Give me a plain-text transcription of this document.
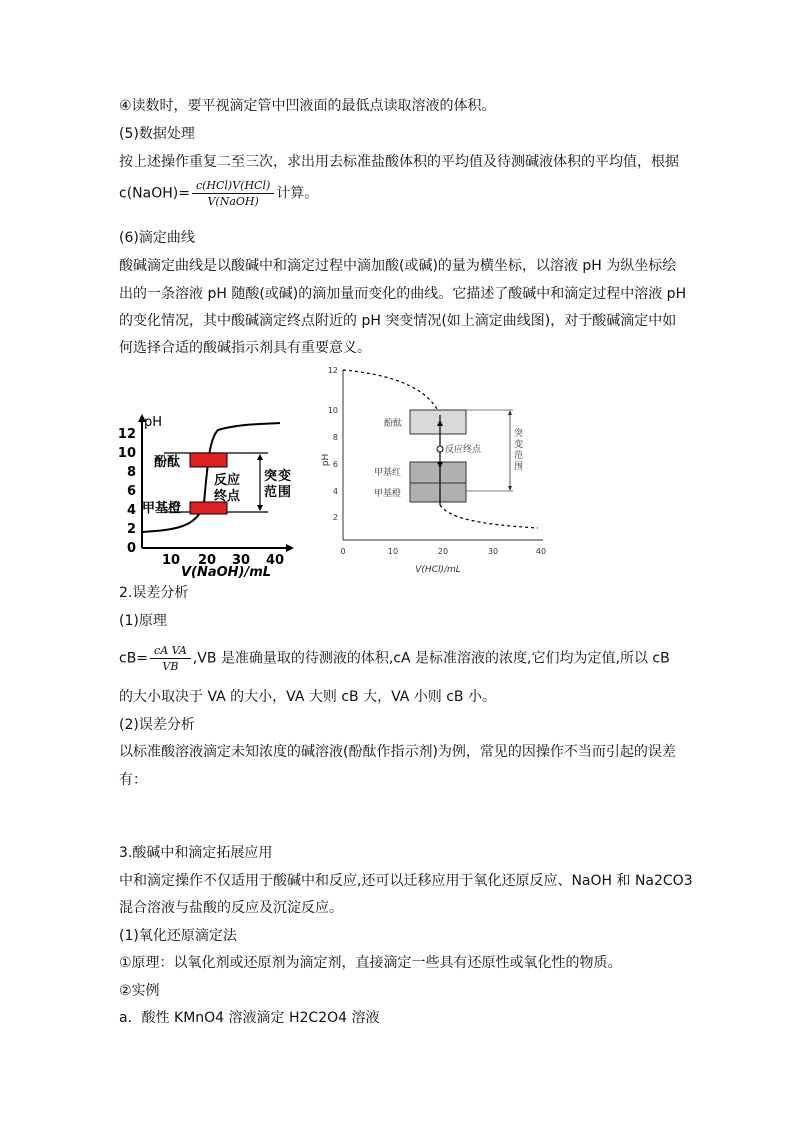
④读数时，要平视滴定管中凹液面的最低点读取溶液的体积。
(5)数据处理
按上述操作重复二至三次，求出用去标准盐酸体积的平均值及待测碱液体积的平均值，根据
c(NaOH)= $\frac{\text{c(HCl)V(HCl)}}{\text{V(NaOH)}}$ 计算。
(6)滴定曲线
酸碱滴定曲线是以酸碱中和滴定过程中滴加酸(或碱)的量为横坐标，以溶液 pH 为纵坐标绘
出的一条溶液 pH 随酸(或碱)的滴加量而变化的曲线。它描述了酸碱中和滴定过程中溶液 pH
的变化情况，其中酸碱滴定终点附近的 pH 突变情况(如上滴定曲线图)，对于酸碱滴定中如
何选择合适的酸碱指示剂具有重要意义。
pH
0
2
4
6
8
10
12
10 20 30 40
V(NaOH)/mL
酚酞
甲基橙
反应
终点
突 变
范 围
2
4
6
8
10
12
0	10	20	30	40
V(HCl)/mL
pH
酚酞
甲基红
甲基橙
反应终点
突
变
范
围
2.误差分析
(1)原理
$cB= \frac{\text{cA VA}}{VB} ,VB$ 是准确量取的待测液的体积,cA 是标准溶液的浓度,它们均为定值,所以 cB
的大小取决于 VA 的大小，VA 大则 cB 大，VA 小则 cB 小。
(2)误差分析
以标准酸溶液滴定未知浓度的碱溶液(酚酞作指示剂)为例，常见的因操作不当而引起的误差
有：
3.酸碱中和滴定拓展应用
中和滴定操作不仅适用于酸碱中和反应,还可以迁移应用于氧化还原反应、NaOH 和 Na2CO3
混合溶液与盐酸的反应及沉淀反应。
(1)氧化还原滴定法
①原理：以氧化剂或还原剂为滴定剂，直接滴定一些具有还原性或氧化性的物质。
②实例
a．酸性 KMnO4 溶液滴定 H2C2O4 溶液
